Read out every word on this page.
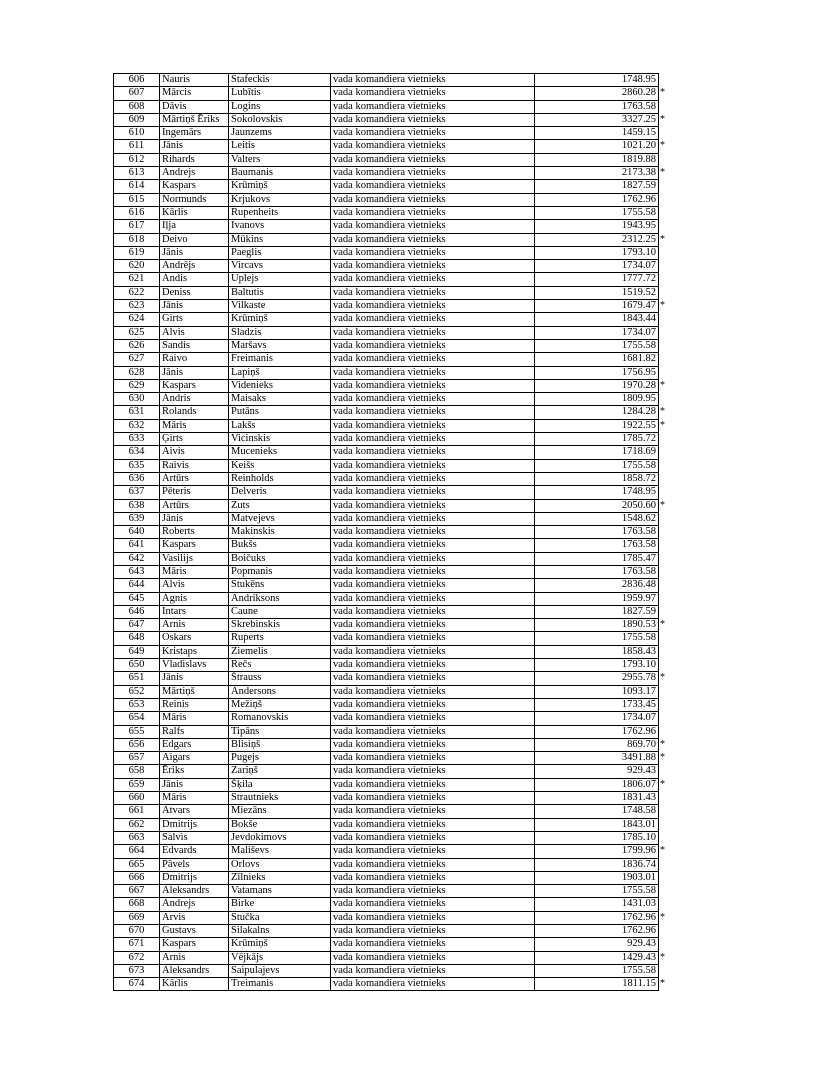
606	Nauris	Stafeckis	vada komandiera vietnieks	1748.95	
607	Mārcis	Lubītis	vada komandiera vietnieks	2860.28	*
608	Dāvis	Logins	vada komandiera vietnieks	1763.58	
609	Mārtiņš Ēriks	Sokolovskis	vada komandiera vietnieks	3327.25	*
610	Ingemārs	Jaunzems	vada komandiera vietnieks	1459.15	
611	Jānis	Leitis	vada komandiera vietnieks	1021.20	*
612	Rihards	Valters	vada komandiera vietnieks	1819.88	
613	Andrejs	Baumanis	vada komandiera vietnieks	2173.38	*
614	Kaspars	Krūmiņš	vada komandiera vietnieks	1827.59	
615	Normunds	Krjukovs	vada komandiera vietnieks	1762.96	
616	Kārlis	Rupenheits	vada komandiera vietnieks	1755.58	
617	Iļja	Ivanovs	vada komandiera vietnieks	1943.95	
618	Deivo	Mūkins	vada komandiera vietnieks	2312.25	*
619	Jānis	Paeglis	vada komandiera vietnieks	1793.10	
620	Andrējs	Vircavs	vada komandiera vietnieks	1734.07	
621	Andis	Uplejs	vada komandiera vietnieks	1777.72	
622	Deniss	Baltutis	vada komandiera vietnieks	1519.52	
623	Jānis	Vilkaste	vada komandiera vietnieks	1679.47	*
624	Girts	Krūmiņš	vada komandiera vietnieks	1843.44	
625	Alvis	Sladzis	vada komandiera vietnieks	1734.07	
626	Sandis	Maršavs	vada komandiera vietnieks	1755.58	
627	Raivo	Freimanis	vada komandiera vietnieks	1681.82	
628	Jānis	Lapiņš	vada komandiera vietnieks	1756.95	
629	Kaspars	Videnieks	vada komandiera vietnieks	1970.28	*
630	Andris	Maisaks	vada komandiera vietnieks	1809.95	
631	Rolands	Putāns	vada komandiera vietnieks	1284.28	*
632	Māris	Lakšs	vada komandiera vietnieks	1922.55	*
633	Ģirts	Vicinskis	vada komandiera vietnieks	1785.72	
634	Aivis	Mucenieks	vada komandiera vietnieks	1718.69	
635	Raivis	Keišs	vada komandiera vietnieks	1755.58	
636	Artūrs	Reinholds	vada komandiera vietnieks	1858.72	
637	Pēteris	Delveris	vada komandiera vietnieks	1748.95	
638	Artūrs	Zuts	vada komandiera vietnieks	2050.60	*
639	Jānis	Matvejevs	vada komandiera vietnieks	1548.62	
640	Roberts	Makinskis	vada komandiera vietnieks	1763.58	
641	Kaspars	Bukšs	vada komandiera vietnieks	1763.58	
642	Vasilijs	Boičuks	vada komandiera vietnieks	1785.47	
643	Māris	Popmanis	vada komandiera vietnieks	1763.58	
644	Alvis	Stukēns	vada komandiera vietnieks	2836.48	
645	Agnis	Andriksons	vada komandiera vietnieks	1959.97	
646	Intars	Caune	vada komandiera vietnieks	1827.59	
647	Arnis	Skrebinskis	vada komandiera vietnieks	1890.53	*
648	Oskars	Ruperts	vada komandiera vietnieks	1755.58	
649	Kristaps	Ziemelis	vada komandiera vietnieks	1858.43	
650	Vladislavs	Rečs	vada komandiera vietnieks	1793.10	
651	Jānis	Štrauss	vada komandiera vietnieks	2955.78	*
652	Mārtiņš	Andersons	vada komandiera vietnieks	1093.17	
653	Reinis	Mežiņš	vada komandiera vietnieks	1733.45	
654	Māris	Romanovskis	vada komandiera vietnieks	1734.07	
655	Ralfs	Tipāns	vada komandiera vietnieks	1762.96	
656	Edgars	Blisiņš	vada komandiera vietnieks	869.70	*
657	Aigars	Pugejs	vada komandiera vietnieks	3491.88	*
658	Ēriks	Zariņš	vada komandiera vietnieks	929.43	
659	Jānis	Šķila	vada komandiera vietnieks	1806.07	*
660	Māris	Strautnieks	vada komandiera vietnieks	1831.43	
661	Atvars	Miezāns	vada komandiera vietnieks	1748.58	
662	Dmitrijs	Bokše	vada komandiera vietnieks	1843.01	
663	Salvis	Jevdokimovs	vada komandiera vietnieks	1785.10	
664	Edvards	Mališevs	vada komandiera vietnieks	1799.96	*
665	Pāvels	Orlovs	vada komandiera vietnieks	1836.74	
666	Dmitrijs	Zīlnieks	vada komandiera vietnieks	1903.01	
667	Aleksandrs	Vatamans	vada komandiera vietnieks	1755.58	
668	Andrejs	Birke	vada komandiera vietnieks	1431.03	
669	Arvis	Stučka	vada komandiera vietnieks	1762.96	*
670	Gustavs	Silakalns	vada komandiera vietnieks	1762.96	
671	Kaspars	Krūmiņš	vada komandiera vietnieks	929.43	
672	Arnis	Vējkājs	vada komandiera vietnieks	1429.43	*
673	Aleksandrs	Saipulajevs	vada komandiera vietnieks	1755.58	
674	Kārlis	Treimanis	vada komandiera vietnieks	1811.15	*
